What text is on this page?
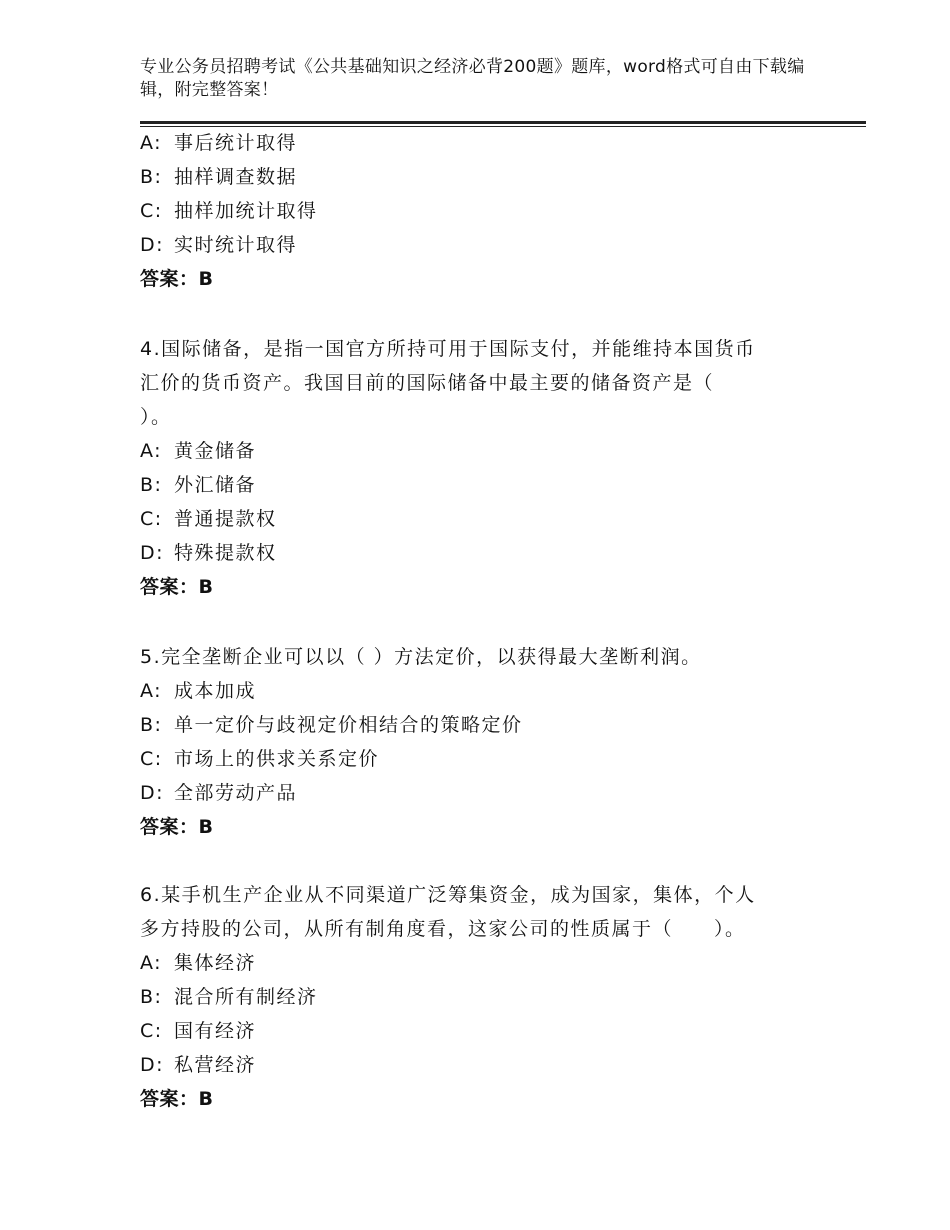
专业公务员招聘考试《公共基础知识之经济必背200题》题库，word格式可自由下载编辑，附完整答案！
A: 事后统计取得
B: 抽样调查数据
C: 抽样加统计取得
D: 实时统计取得
答案：B
4.国际储备，是指一国官方所持可用于国际支付，并能维持本国货币
汇价的货币资产。我国目前的国际储备中最主要的储备资产是（
）。
A: 黄金储备
B: 外汇储备
C: 普通提款权
D: 特殊提款权
答案：B
5.完全垄断企业可以以（ ）方法定价，以获得最大垄断利润。
A: 成本加成
B: 单一定价与歧视定价相结合的策略定价
C: 市场上的供求关系定价
D: 全部劳动产品
答案：B
6.某手机生产企业从不同渠道广泛筹集资金，成为国家，集体，个人
多方持股的公司，从所有制角度看，这家公司的性质属于（　　）。
A: 集体经济
B: 混合所有制经济
C: 国有经济
D: 私营经济
答案：B
